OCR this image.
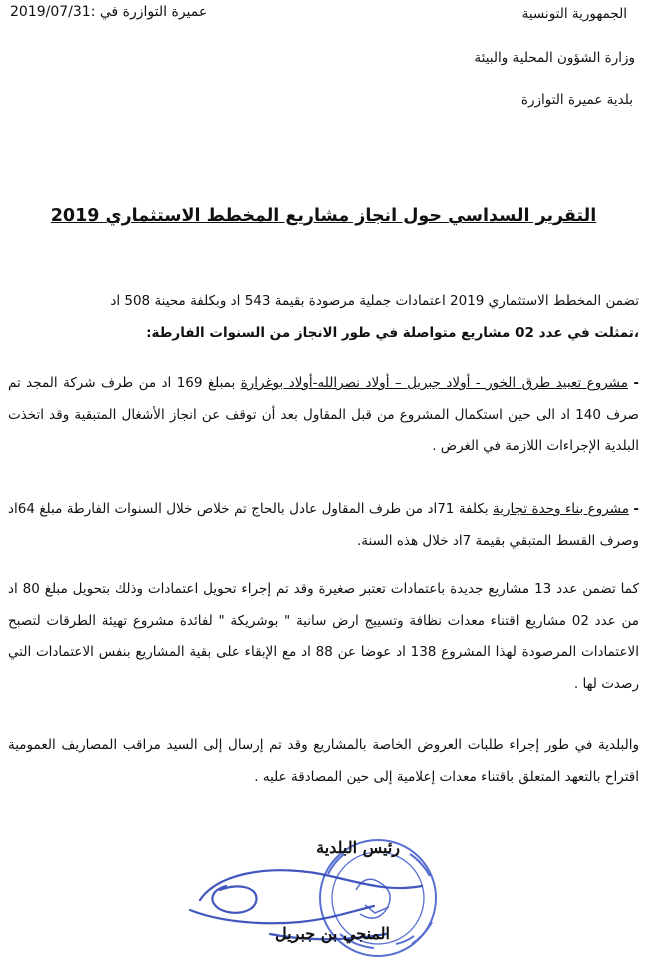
الجمهورية التونسية
وزارة الشؤون المحلية والبيئة
بلدية عميرة التوازرة
عميرة التوازرة في :2019/07/31
التقرير السداسي حول انجاز مشاريع المخطط الاستثماري 2019

تضمن المخطط الاستثماري 2019 اعتمادات جملية مرصودة بقيمة 543 اد وبكلفة محينة 508 اد

،تمثلت في عدد 02 مشاريع متواصلة في طور الانجاز من السنوات الفارطة:

- مشروع تعبيد طرق الخور - أولاد جبريل – أولاد نصرالله-أولاد بوغرارة بمبلغ 169 اد من طرف شركة المجد تم صرف 140 اد الى حين استكمال المشروع من قبل المقاول بعد أن توقف عن انجاز الأشغال المتبقية وقد اتخذت البلدية الإجراءات اللازمة في الغرض .

- مشروع بناء وحدة تجارية بكلفة 71اد من طرف المقاول عادل بالحاج تم خلاص خلال السنوات الفارطة مبلغ 64اد وصرف القسط المتبقي بقيمة 7اد خلال هذه السنة.

كما تضمن عدد 13 مشاريع جديدة باعتمادات تعتبر صغيرة وقد تم إجراء تحويل اعتمادات وذلك بتحويل مبلغ 80 اد من عدد 02 مشاريع اقتناء معدات نظافة وتسييج ارض سانية " بوشريكة " لفائدة مشروع تهيئة الطرقات لتصبح الاعتمادات المرصودة لهذا المشروع 138 اد عوضا عن 88 اد مع الإبقاء على بقية المشاريع بنفس الاعتمادات التي رصدت لها .

والبلدية في طور إجراء طلبات العروض الخاصة بالمشاريع وقد تم إرسال إلى السيد مراقب المصاريف العمومية اقتراح بالتعهد المتعلق باقتناء معدات إعلامية إلى حين المصادقة عليه .

رئيس البلدية
المنجي بن جبريل
